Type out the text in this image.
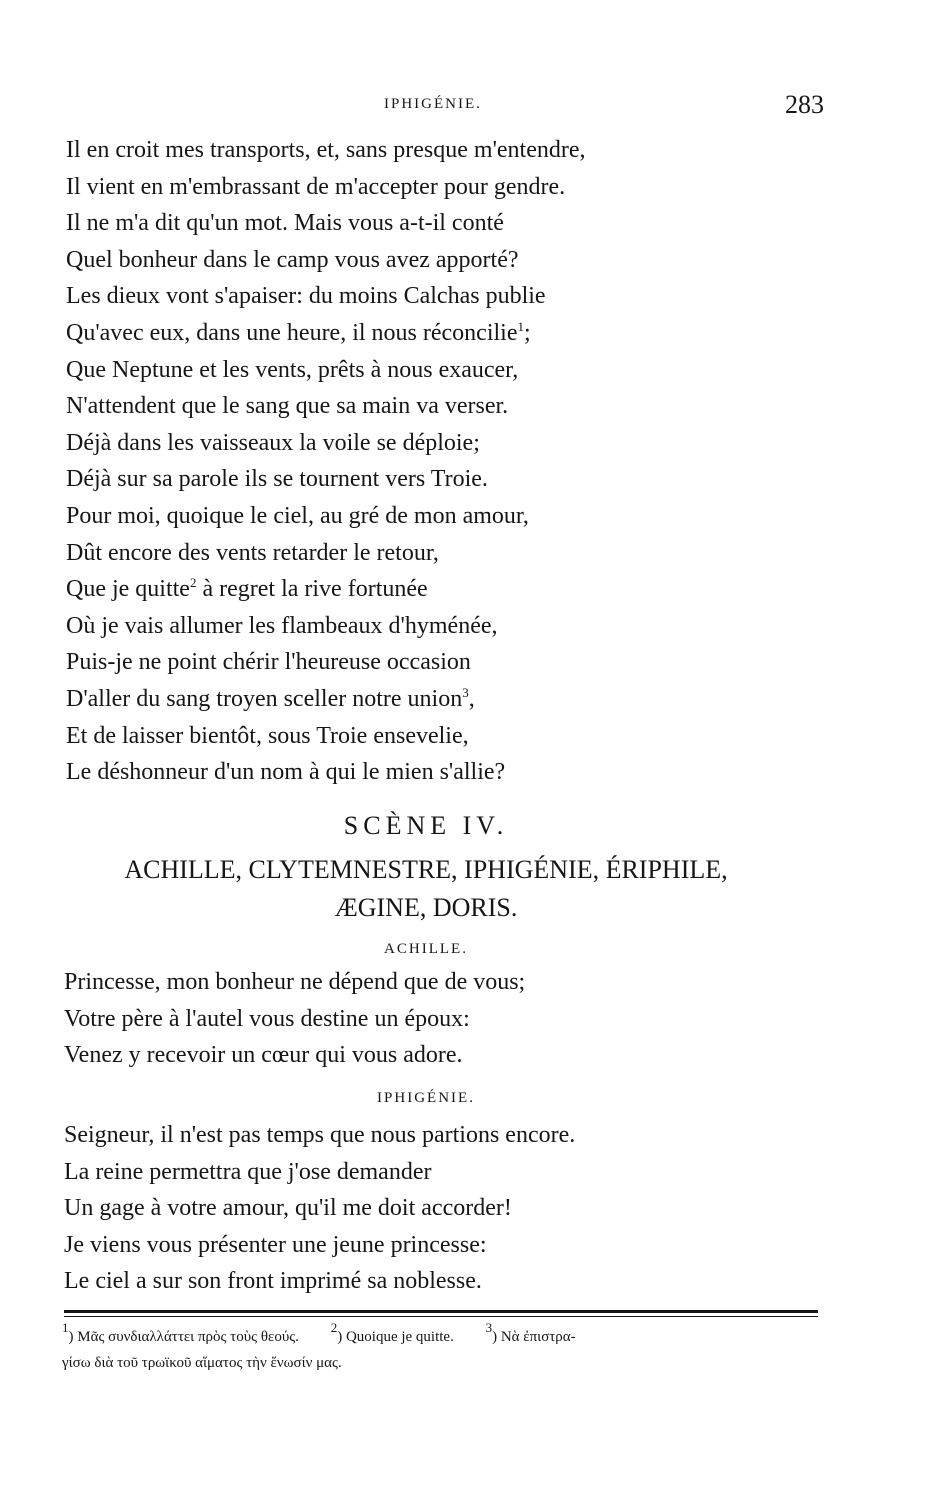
IPHIGÉNIE.	283
Il en croit mes transports, et, sans presque m'entendre,
Il vient en m'embrassant de m'accepter pour gendre.
Il ne m'a dit qu'un mot. Mais vous a-t-il conté
Quel bonheur dans le camp vous avez apporté?
Les dieux vont s'apaiser: du moins Calchas publie
Qu'avec eux, dans une heure, il nous réconcilie$^1$;
Que Neptune et les vents, prêts à nous exaucer,
N'attendent que le sang que sa main va verser.
Déjà dans les vaisseaux la voile se déploie;
Déjà sur sa parole ils se tournent vers Troie.
Pour moi, quoique le ciel, au gré de mon amour,
Dût encore des vents retarder le retour,
Que je quitte$^2$ à regret la rive fortunée
Où je vais allumer les flambeaux d'hyménée,
Puis-je ne point chérir l'heureuse occasion
D'aller du sang troyen sceller notre union$^3$,
Et de laisser bientôt, sous Troie ensevelie,
Le déshonneur d'un nom à qui le mien s'allie?
SCÈNE IV.
ACHILLE, CLYTEMNESTRE, IPHIGÉNIE, ÉRIPHILE,
ÆGINE, DORIS.
ACHILLE.
Princesse, mon bonheur ne dépend que de vous;
Votre père à l'autel vous destine un époux:
Venez y recevoir un cœur qui vous adore.
IPHIGÉNIE.
Seigneur, il n'est pas temps que nous partions encore.
La reine permettra que j'ose demander
Un gage à votre amour, qu'il me doit accorder!
Je viens vous présenter une jeune princesse:
Le ciel a sur son front imprimé sa noblesse.
$^1$) Μᾶς συνδιαλλάττει πρὸς τοὺς θεούς. $^2$) Quoique je quitte. $^3$) Νὰ ἐπιστρα-
γίσω διὰ τοῦ τρωϊκοῦ αἵματος τὴν ἕνωσίν μας.
